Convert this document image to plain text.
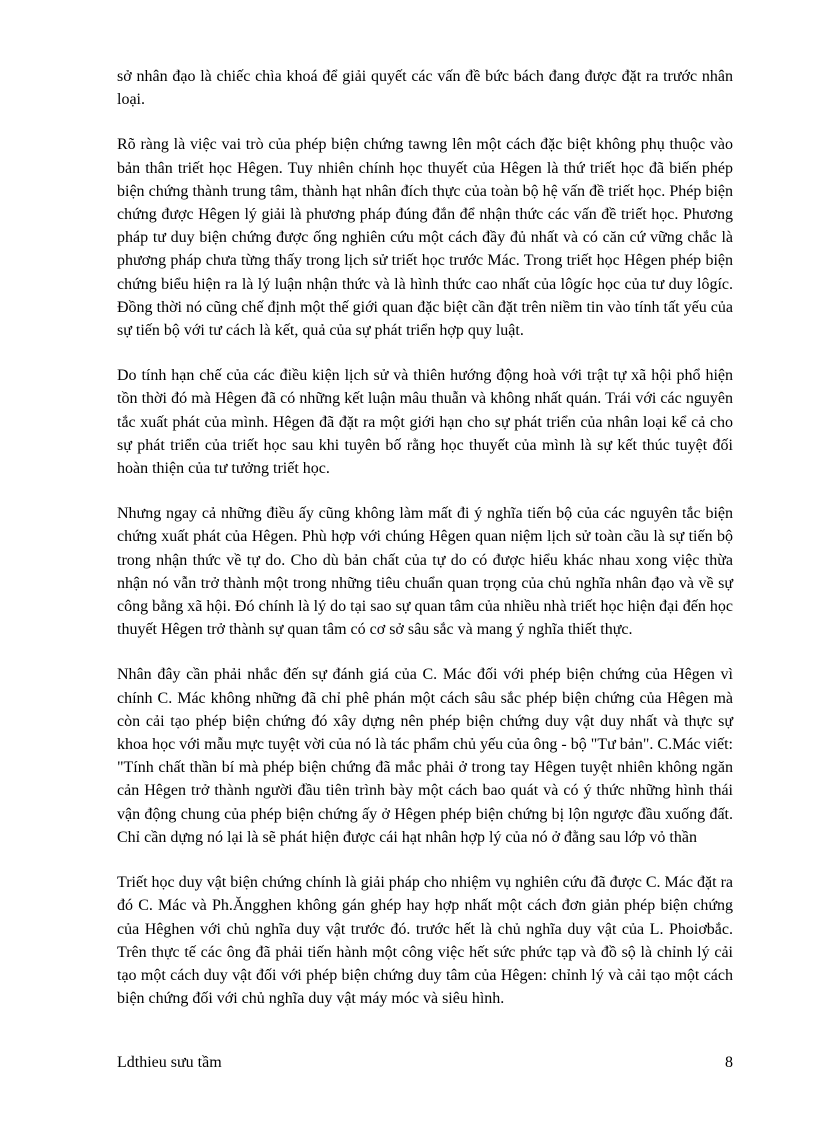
sở nhân đạo là chiếc chìa khoá để giải quyết các vấn đề bức bách đang được đặt ra trước nhân loại.

Rõ ràng là việc vai trò của phép biện chứng tawng lên một cách đặc biệt không phụ thuộc vào bản thân triết học Hêgen. Tuy nhiên chính học thuyết của Hêgen là thứ triết học đã biến phép biện chứng thành trung tâm, thành hạt nhân đích thực của toàn bộ hệ vấn đề triết học. Phép biện chứng được Hêgen lý giải là phương pháp đúng đắn để nhận thức các vấn đề triết học. Phương pháp tư duy biện chứng được ống nghiên cứu một cách đầy đủ nhất và có căn cứ vững chắc là phương pháp chưa từng thấy trong lịch sử triết học trước Mác. Trong triết học Hêgen phép biện chứng biểu hiện ra là lý luận nhận thức và là hình thức cao nhất của lôgíc học của tư duy lôgíc. Đồng thời nó cũng chế định một thế giới quan đặc biệt cần đặt trên niềm tin vào tính tất yếu của sự tiến bộ với tư cách là kết, quả của sự phát triển hợp quy luật.

Do tính hạn chế của các điều kiện lịch sử và thiên hướng động hoà với trật tự xã hội phổ hiện tồn thời đó mà Hêgen đã có những kết luận mâu thuẫn và không nhất quán. Trái với các nguyên tắc xuất phát của mình. Hêgen đã đặt ra một giới hạn cho sự phát triển của nhân loại kể cả cho sự phát triển của triết học sau khi tuyên bố rằng học thuyết của mình là sự kết thúc tuyệt đối hoàn thiện của tư tưởng triết học.

Nhưng ngay cả những điều ấy cũng không làm mất đi ý nghĩa tiến bộ của các nguyên tắc biện chứng xuất phát của Hêgen. Phù hợp với chúng Hêgen quan niệm lịch sử toàn cầu là sự tiến bộ trong nhận thức về tự do. Cho dù bản chất của tự do có được hiểu khác nhau xong việc thừa nhận nó vẫn trở thành một trong những tiêu chuẩn quan trọng của chủ nghĩa nhân đạo và về sự công bằng xã hội. Đó chính là lý do tại sao sự quan tâm của nhiều nhà triết học hiện đại đến học thuyết Hêgen trở thành sự quan tâm có cơ sở sâu sắc và mang ý nghĩa thiết thực.

Nhân đây cần phải nhắc đến sự đánh giá của C. Mác đối với phép biện chứng của Hêgen vì chính C. Mác không những đã chỉ phê phán một cách sâu sắc phép biện chứng của Hêgen mà còn cải tạo phép biện chứng đó xây dựng nên phép biện chứng duy vật duy nhất và thực sự khoa học với mẫu mực tuyệt vời của nó là tác phẩm chủ yếu của ông - bộ "Tư bản". C.Mác viết: "Tính chất thần bí mà phép biện chứng đã mắc phải ở trong tay Hêgen tuyệt nhiên không ngăn cản Hêgen trở thành người đầu tiên trình bày một cách bao quát và có ý thức những hình thái vận động chung của phép biện chứng ấy ở Hêgen phép biện chứng bị lộn ngược đầu xuống đất. Chỉ cần dựng nó lại là sẽ phát hiện được cái hạt nhân hợp lý của nó ở đằng sau lớp vỏ thần

Triết học duy vật biện chứng chính là giải pháp cho nhiệm vụ nghiên cứu đã được C. Mác đặt ra đó C. Mác và Ph.Ăngghen không gán ghép hay hợp nhất một cách đơn giản phép biện chứng của Hêghen với chủ nghĩa duy vật trước đó. trước hết là chủ nghĩa duy vật của L. Phoiơbắc. Trên thực tế các ông đã phải tiến hành một công việc hết sức phức tạp và đồ sộ là chỉnh lý cải tạo một cách duy vật đối với phép biện chứng duy tâm của Hêgen: chỉnh lý và cải tạo một cách biện chứng đối với chủ nghĩa duy vật máy móc và siêu hình.

Ldthieu sưu tầm	8
